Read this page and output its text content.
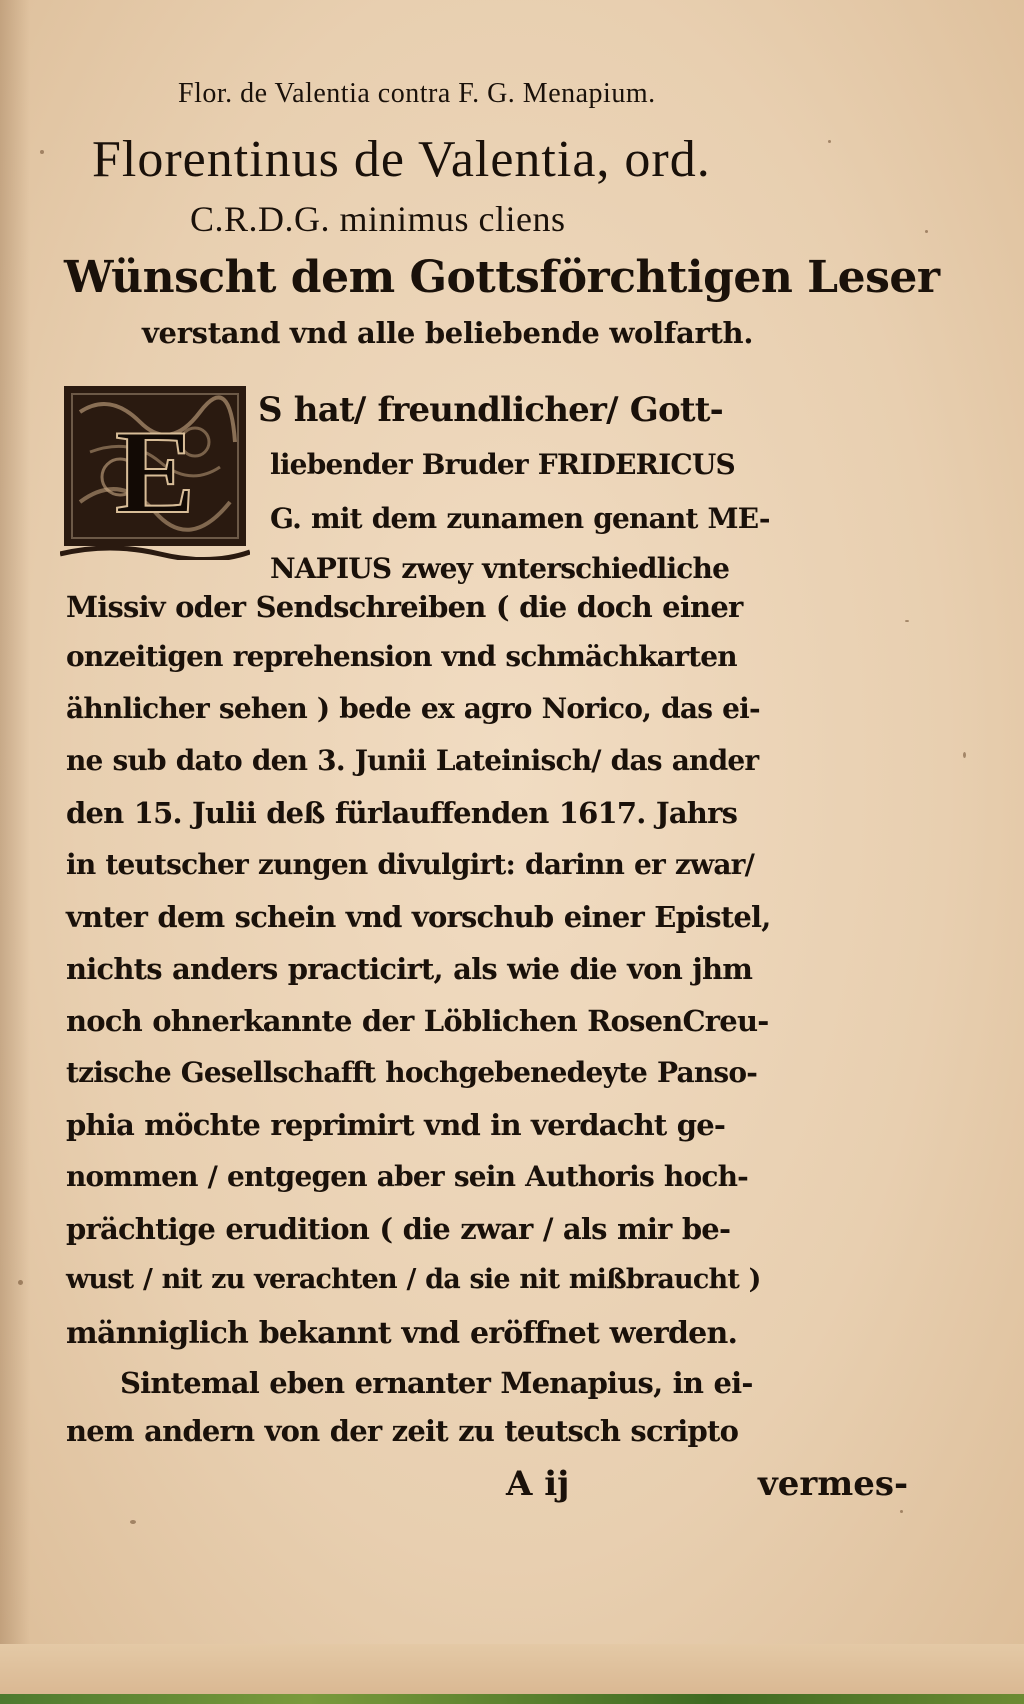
Flor. de Valentia contra F. G. Menapium.
Florentinus de Valentia, ord.
C.R.D.G. minimus cliens
Wünscht dem Gottsförchtigen Leser
verstand vnd alle beliebende wolfarth.
E S hat/ freundlicher/ Gott-
liebender Bruder FRIDERICUS
G. mit dem zunamen genant ME-
NAPIUS zwey vnterschiedliche
Missiv oder Sendschreiben ( die doch einer
onzeitigen reprehension vnd schmächkarten
ähnlicher sehen ) bede ex agro Norico, das ei-
ne sub dato den 3. Junii Lateinisch/ das ander
den 15. Julii deß fürlauffenden 1617. Jahrs
in teutscher zungen divulgirt: darinn er zwar/
vnter dem schein vnd vorschub einer Epistel,
nichts anders practicirt, als wie die von jhm
noch ohnerkannte der Löblichen RosenCreu-
tzische Gesellschafft hochgebenedeyte Panso-
phia möchte reprimirt vnd in verdacht ge-
nommen / entgegen aber sein Authoris hoch-
prächtige erudition ( die zwar / als mir be-
wust / nit zu verachten / da sie nit mißbraucht )
männiglich bekannt vnd eröffnet werden.
Sintemal eben ernanter Menapius, in ei-
nem andern von der zeit zu teutsch scripto
A ij	vermes-
